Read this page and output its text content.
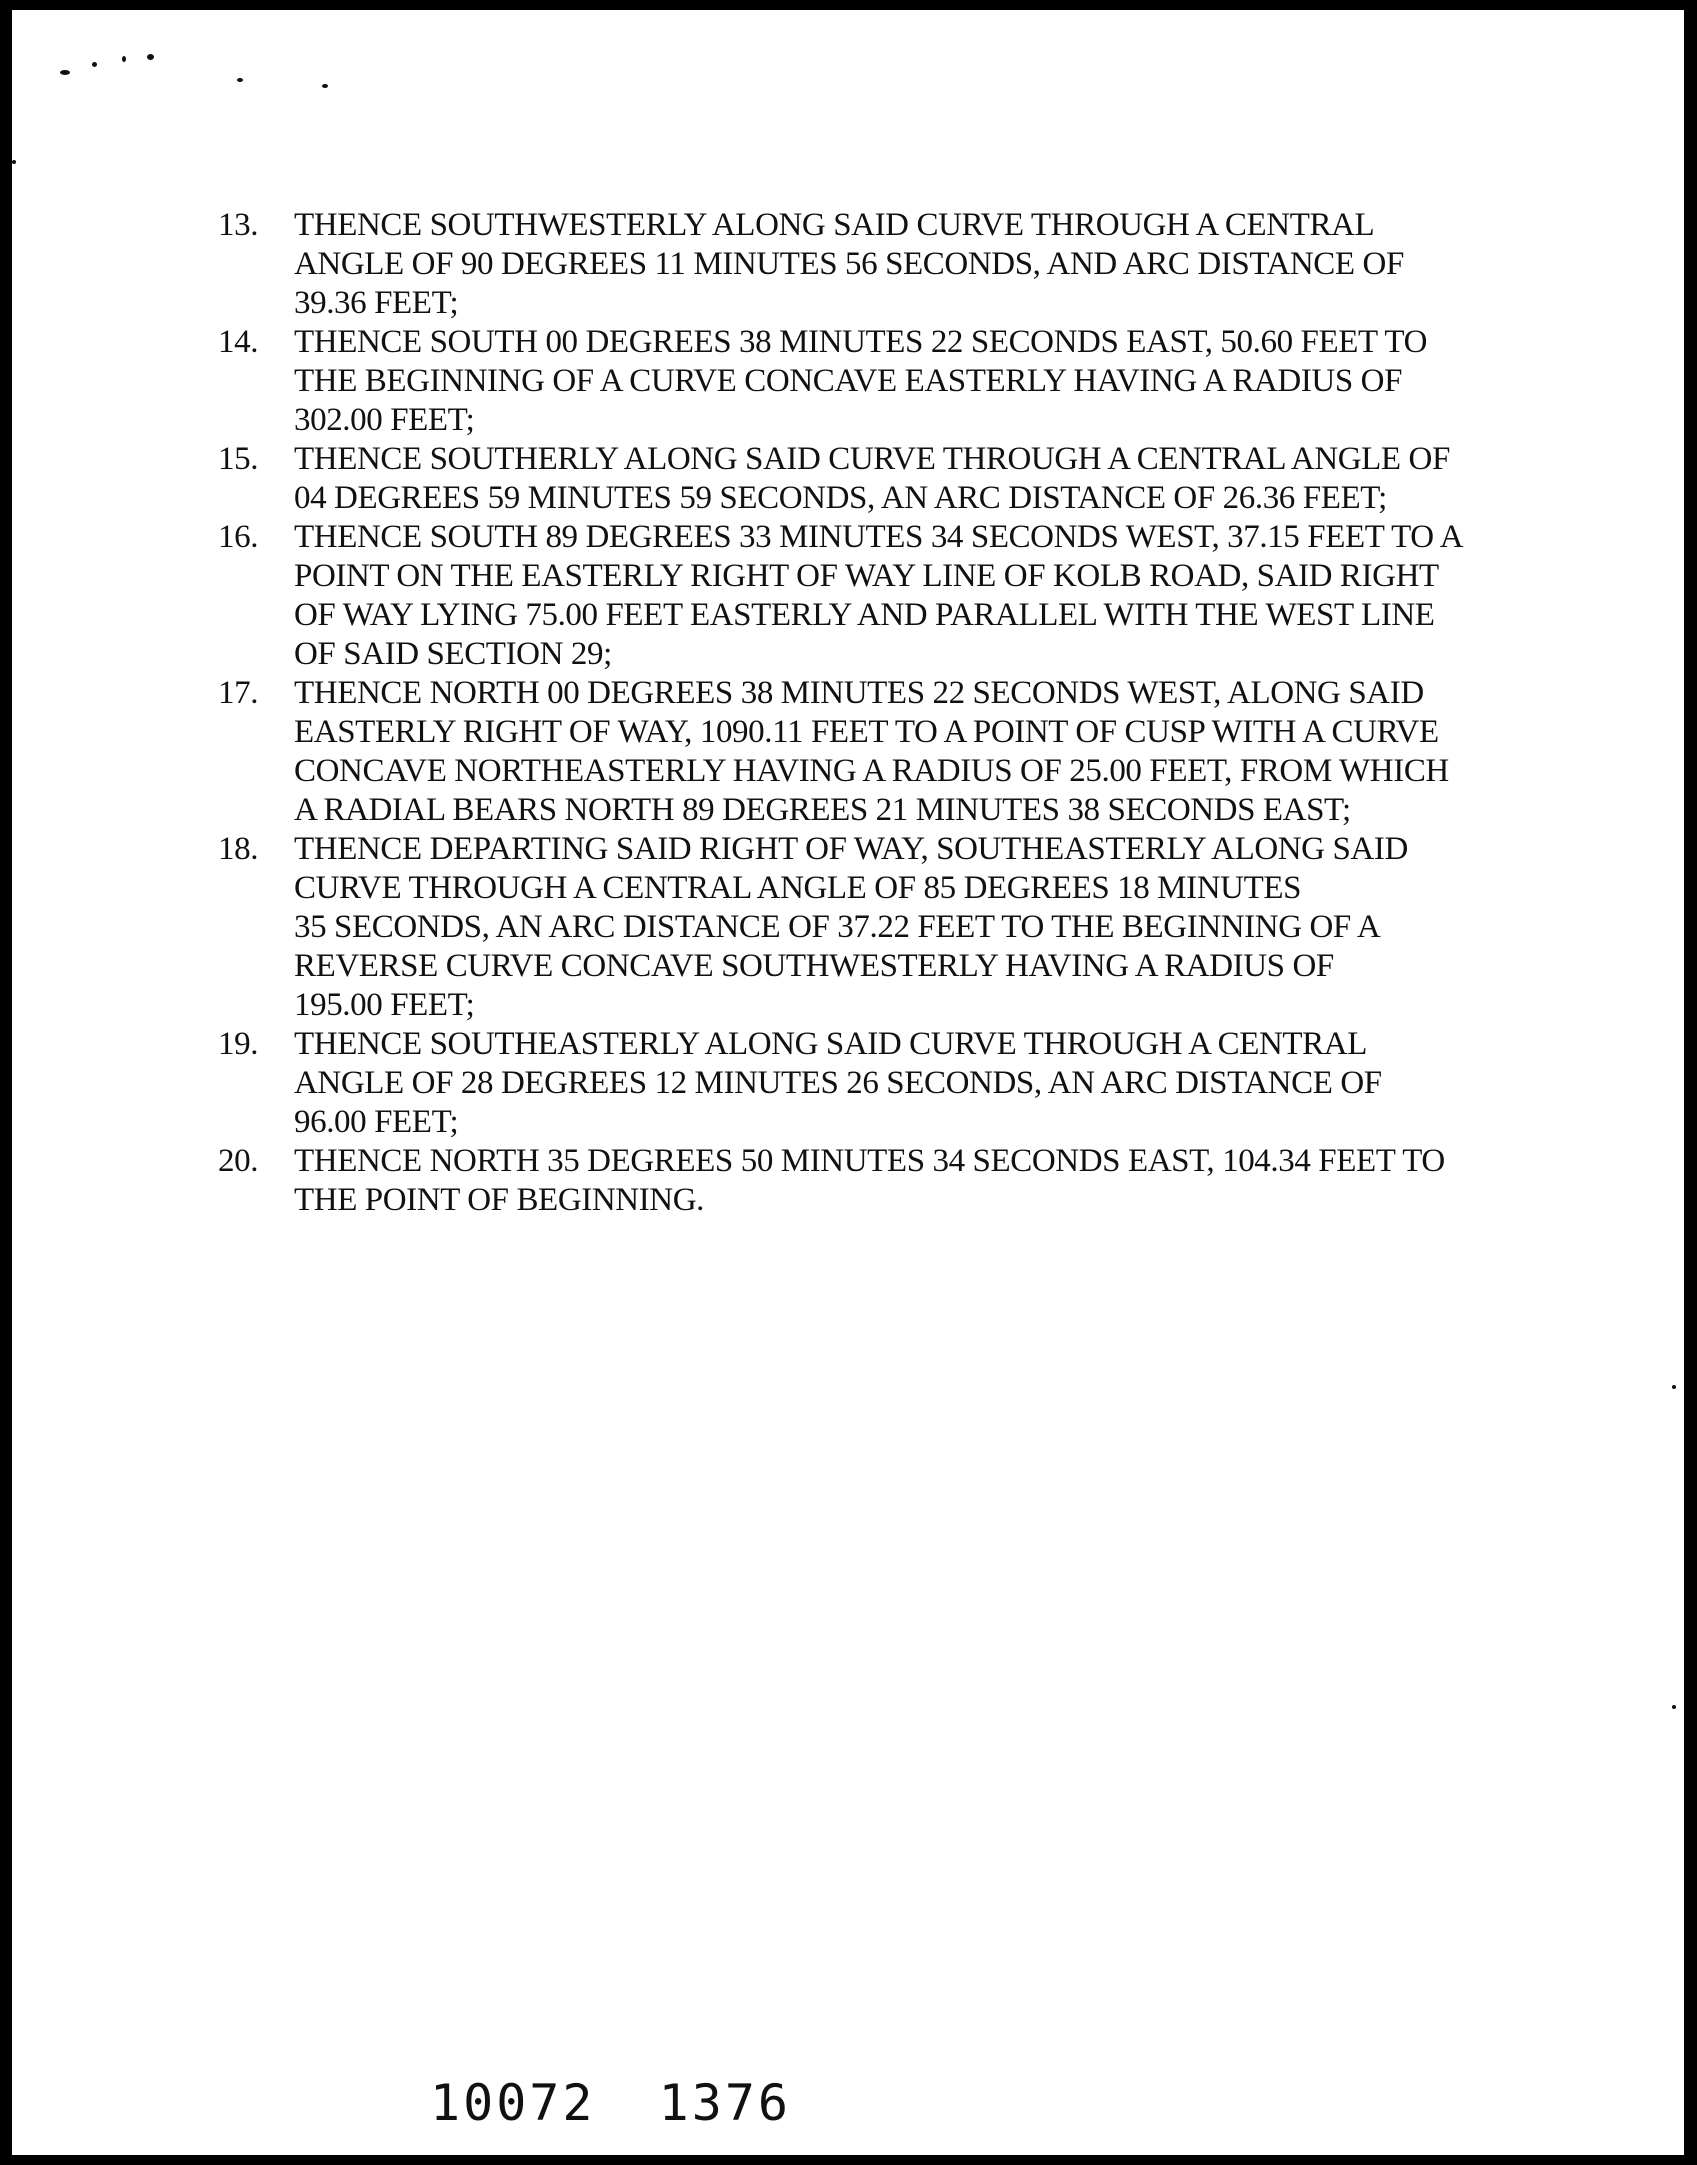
13.	THENCE SOUTHWESTERLY ALONG SAID CURVE THROUGH A CENTRAL
ANGLE OF 90 DEGREES 11 MINUTES 56 SECONDS, AND ARC DISTANCE OF
39.36 FEET;
14.	THENCE SOUTH 00 DEGREES 38 MINUTES 22 SECONDS EAST, 50.60 FEET TO
THE BEGINNING OF A CURVE CONCAVE EASTERLY HAVING A RADIUS OF
302.00 FEET;
15.	THENCE SOUTHERLY ALONG SAID CURVE THROUGH A CENTRAL ANGLE OF
04 DEGREES 59 MINUTES 59 SECONDS, AN ARC DISTANCE OF 26.36 FEET;
16.	THENCE SOUTH 89 DEGREES 33 MINUTES 34 SECONDS WEST, 37.15 FEET TO A
POINT ON THE EASTERLY RIGHT OF WAY LINE OF KOLB ROAD, SAID RIGHT
OF WAY LYING 75.00 FEET EASTERLY AND PARALLEL WITH THE WEST LINE
OF SAID SECTION 29;
17.	THENCE NORTH 00 DEGREES 38 MINUTES 22 SECONDS WEST, ALONG SAID
EASTERLY RIGHT OF WAY, 1090.11 FEET TO A POINT OF CUSP WITH A CURVE
CONCAVE NORTHEASTERLY HAVING A RADIUS OF 25.00 FEET, FROM WHICH
A RADIAL BEARS NORTH 89 DEGREES 21 MINUTES 38 SECONDS EAST;
18.	THENCE DEPARTING SAID RIGHT OF WAY, SOUTHEASTERLY ALONG SAID
CURVE THROUGH A CENTRAL ANGLE OF 85 DEGREES 18 MINUTES
35 SECONDS, AN ARC DISTANCE OF 37.22 FEET TO THE BEGINNING OF A
REVERSE CURVE CONCAVE SOUTHWESTERLY HAVING A RADIUS OF
195.00 FEET;
19.	THENCE SOUTHEASTERLY ALONG SAID CURVE THROUGH A CENTRAL
ANGLE OF 28 DEGREES 12 MINUTES 26 SECONDS, AN ARC DISTANCE OF
96.00 FEET;
20.	THENCE NORTH 35 DEGREES 50 MINUTES 34 SECONDS EAST, 104.34 FEET TO
THE POINT OF BEGINNING.
10072 1376
